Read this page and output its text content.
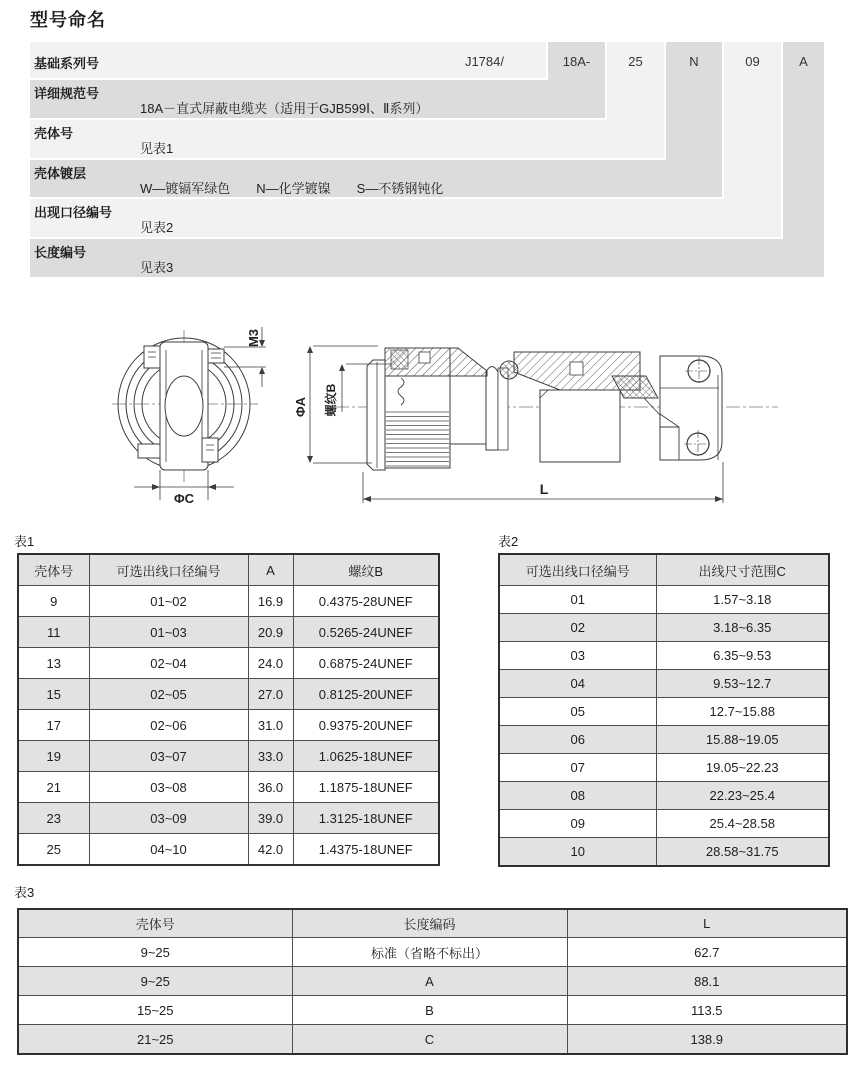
型号命名
基础系列号	J1784/
详细规范号
18A－直式屏蔽电缆夹（适用于GJB599Ⅰ、Ⅱ系列）
壳体号
见表1
壳体镀层
W—镀镉军绿色　　N—化学镀镍　　S—不锈钢钝化
出现口径编号
见表2
长度编号
见表3
18A-	25	N	09	A
M3
ΦC
ΦA 螺纹B
L
表1	表2
表3
壳体号	可选出线口径编号	A	螺纹B
9	01~02	16.9	0.4375-28UNEF
11	01~03	20.9	0.5265-24UNEF
13	02~04	24.0	0.6875-24UNEF
15	02~05	27.0	0.8125-20UNEF
17	02~06	31.0	0.9375-20UNEF
19	03~07	33.0	1.0625-18UNEF
21	03~08	36.0	1.1875-18UNEF
23	03~09	39.0	1.3125-18UNEF
25	04~10	42.0	1.4375-18UNEF
可选出线口径编号	出线尺寸范围C
01	1.57~3.18
02	3.18~6.35
03	6.35~9.53
04	9.53~12.7
05	12.7~15.88
06	15.88~19.05
07	19.05~22.23
08	22.23~25.4
09	25.4~28.58
10	28.58~31.75
壳体号	长度编码	L
9~25	标准（省略不标出）	62.7
9~25	A	88.1
15~25	B	113.5
21~25	C	138.9
